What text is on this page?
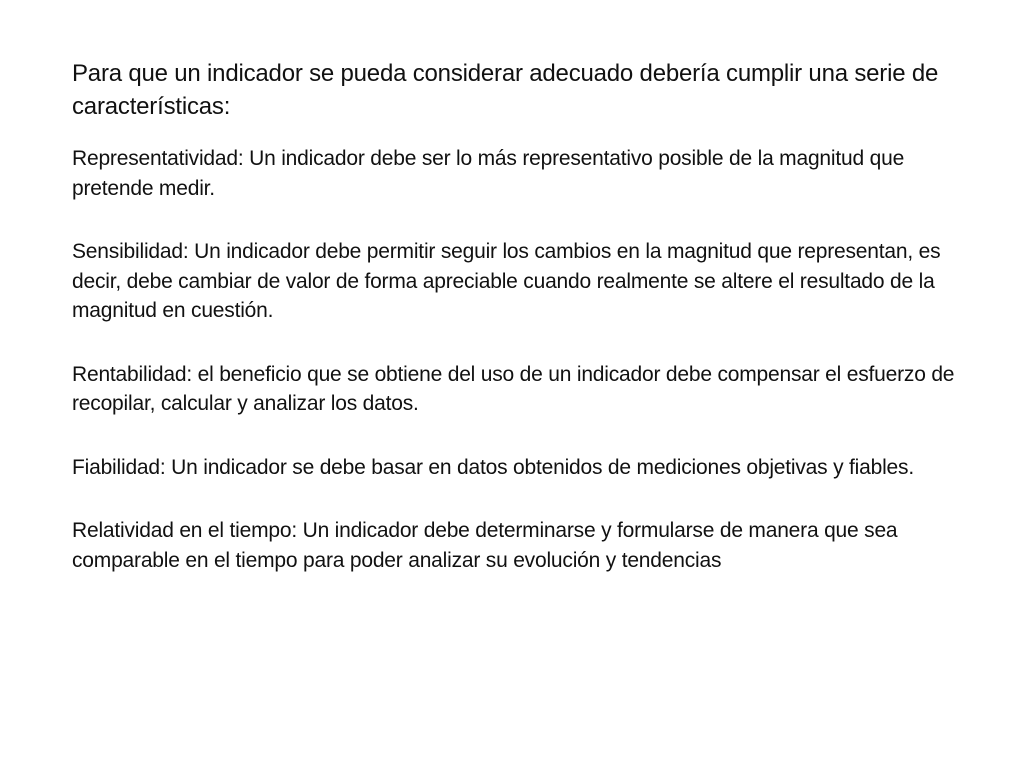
Para que un indicador se pueda considerar adecuado debería cumplir una serie de características:

Representatividad: Un indicador debe ser lo más representativo posible de la magnitud que pretende medir.

Sensibilidad: Un indicador debe permitir seguir los cambios en la magnitud que representan, es decir, debe cambiar de valor de forma apreciable cuando realmente se altere el resultado de la magnitud en cuestión.

Rentabilidad: el beneficio que se obtiene del uso de un indicador debe compensar el esfuerzo de recopilar, calcular y analizar los datos.

Fiabilidad: Un indicador se debe basar en datos obtenidos de mediciones objetivas y fiables.

Relatividad en el tiempo: Un indicador debe determinarse y formularse de manera que sea comparable en el tiempo para poder analizar su evolución y tendencias
